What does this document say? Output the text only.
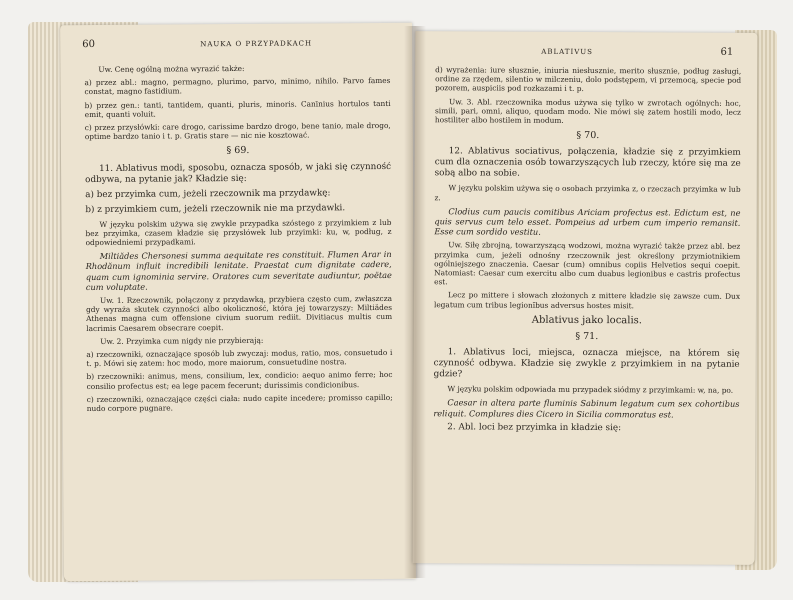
60	NAUKA O PRZYPADKACH

Uw. Cenę ogólną można wyrazić także:

a) przez abl.: magno, permagno, plurimo, parvo, minimo, nihilo. Parvo fames constat, magno fastidium.

b) przez gen.: tanti, tantidem, quanti, pluris, minoris. Canīnius hortulos tanti emit, quanti voluit.

c) przez przysłówki: care drogo, carissime bardzo drogo, bene tanio, male drogo, optime bardzo tanio i t. p. Gratis stare — nic nie kosztować.

§ 69.

11. Ablativus modi, sposobu, oznacza sposób, w jaki się czynność odbywa, na pytanie jak? Kładzie się:

a) bez przyimka cum, jeżeli rzeczownik ma przydawkę:

b) z przyimkiem cum, jeżeli rzeczownik nie ma przydawki.

W języku polskim używa się zwykle przypadka szóstego z przyimkiem z lub bez przyimka, czasem kładzie się przysłówek lub przyimki: ku, w, podług, z odpowiedniemi przypadkami.

Miltiădes Chersonesi summa aequitate res constituit. Flumen Arar in Rhodănum influit incredibili lenitate. Praestat cum dignitate cadere, quam cum ignominia servire. Oratores cum severitate audiuntur, poëtae cum voluptate.

Uw. 1. Rzeczownik, połączony z przydawką, przybiera często cum, zwłaszcza gdy wyraża skutek czynności albo okoliczność, która jej towarzyszy: Miltiădes Athenas magna cum offensione civium suorum rediit. Divitiacus multis cum lacrimis Caesarem obsecrare coepit.

Uw. 2. Przyimka cum nigdy nie przybierają:

a) rzeczowniki, oznaczające sposób lub zwyczaj: modus, ratio, mos, consuetudo i t. p. Mówi się zatem: hoc modo, more maiorum, consuetudine nostra.

b) rzeczowniki: animus, mens, consilium, lex, condicio: aequo animo ferre; hoc consilio profectus est; ea lege pacem fecerunt; durissimis condicionibus.

c) rzeczowniki, oznaczające części ciała: nudo capite incedere; promisso capillo; nudo corpore pugnare.

ABLATIVUS	61

d) wyrażenia: iure słusznie, iniuria niesłusznie, merito słusznie, podług zasługi, ordine za rzędem, silentio w milczeniu, dolo podstępem, vi przemocą, specie pod pozorem, auspiciis pod rozkazami i t. p.

Uw. 3. Abl. rzeczownika modus używa się tylko w zwrotach ogólnych: hoc, simili, pari, omni, aliquo, quodam modo. Nie mówi się zatem hostili modo, lecz hostiliter albo hostilem in modum.

§ 70.

12. Ablativus sociativus, połączenia, kładzie się z przyimkiem cum dla oznaczenia osób towarzyszących lub rzeczy, które się ma ze sobą albo na sobie.

W języku polskim używa się o osobach przyimka z, o rzeczach przyimka w lub z.

Clodius cum paucis comitibus Ariciam profectus est. Edictum est, ne quis servus cum telo esset. Pompeius ad urbem cum imperio remansit. Esse cum sordido vestitu.

Uw. Siłę zbrojną, towarzyszącą wodzowi, można wyrazić także przez abl. bez przyimka cum, jeżeli odnośny rzeczownik jest określony przymiotnikiem ogólniejszego znaczenia. Caesar (cum) omnibus copiis Helvetios sequi coepit. Natomiast: Caesar cum exercitu albo cum duabus legionibus e castris profectus est.

Lecz po mittere i słowach złożonych z mittere kładzie się zawsze cum. Dux legatum cum tribus legionĭbus adversus hostes misit.

Ablativus jako localis.

§ 71.

1. Ablativus loci, miejsca, oznacza miejsce, na którem się czynność odbywa. Kładzie się zwykle z przyimkiem in na pytanie gdzie?

W języku polskim odpowiada mu przypadek siódmy z przyimkami: w, na, po.

Caesar in altera parte fluminis Sabinum legatum cum sex cohortibus reliquit. Complures dies Cicero in Sicilia commoratus est.

2. Abl. loci bez przyimka in kładzie się:
